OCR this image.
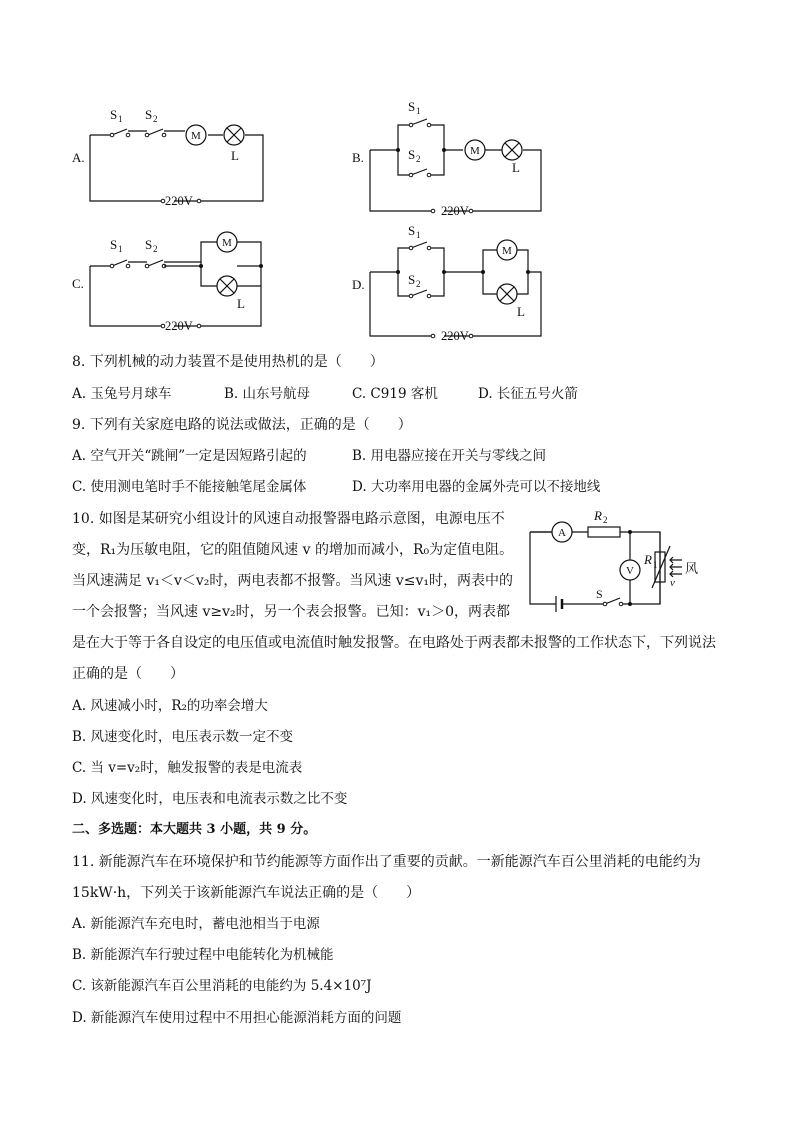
A.
S 1 S 2
M
L
220V
B.
S 1
S 2
M
L
220V
C.
S 1 S 2	M
L
220V
D.
S 1
S 2
M
L
220V
8. 下列机械的动力装置不是使用热机的是（　　）
A. 玉兔号月球车	B. 山东号航母	C. C919 客机	D. 长征五号火箭
9. 下列有关家庭电路的说法或做法，正确的是（　　）
A. 空气开关“跳闸”一定是因短路引起的	B. 用电器应接在开关与零线之间
C. 使用测电笔时手不能接触笔尾金属体	D. 大功率用电器的金属外壳可以不接地线
10. 如图是某研究小组设计的风速自动报警器电路示意图，电源电压不
变，R₁为压敏电阻，它的阻值随风速 v 的增加而减小，R₀为定值电阻。
当风速满足 v₁＜v＜v₂时，两电表都不报警。当风速 v≤v₁时，两表中的
一个会报警；当风速 v≥v₂时，另一个表会报警。已知：v₁＞0，两表都
是在大于等于各自设定的电压值或电流值时触发报警。在电路处于两表都未报警的工作状态下，下列说法
正确的是（　　）
A
R 2
V
R 1 风
v
S
A. 风速减小时，R₂的功率会增大
B. 风速变化时，电压表示数一定不变
C. 当 v=v₂时，触发报警的表是电流表
D. 风速变化时，电压表和电流表示数之比不变
二、多选题：本大题共 3 小题，共 9 分。
11. 新能源汽车在环境保护和节约能源等方面作出了重要的贡献。一新能源汽车百公里消耗的电能约为
15kW·h，下列关于该新能源汽车说法正确的是（　　）
A. 新能源汽车充电时，蓄电池相当于电源
B. 新能源汽车行驶过程中电能转化为机械能
C. 该新能源汽车百公里消耗的电能约为 5.4×10⁷J
D. 新能源汽车使用过程中不用担心能源消耗方面的问题
